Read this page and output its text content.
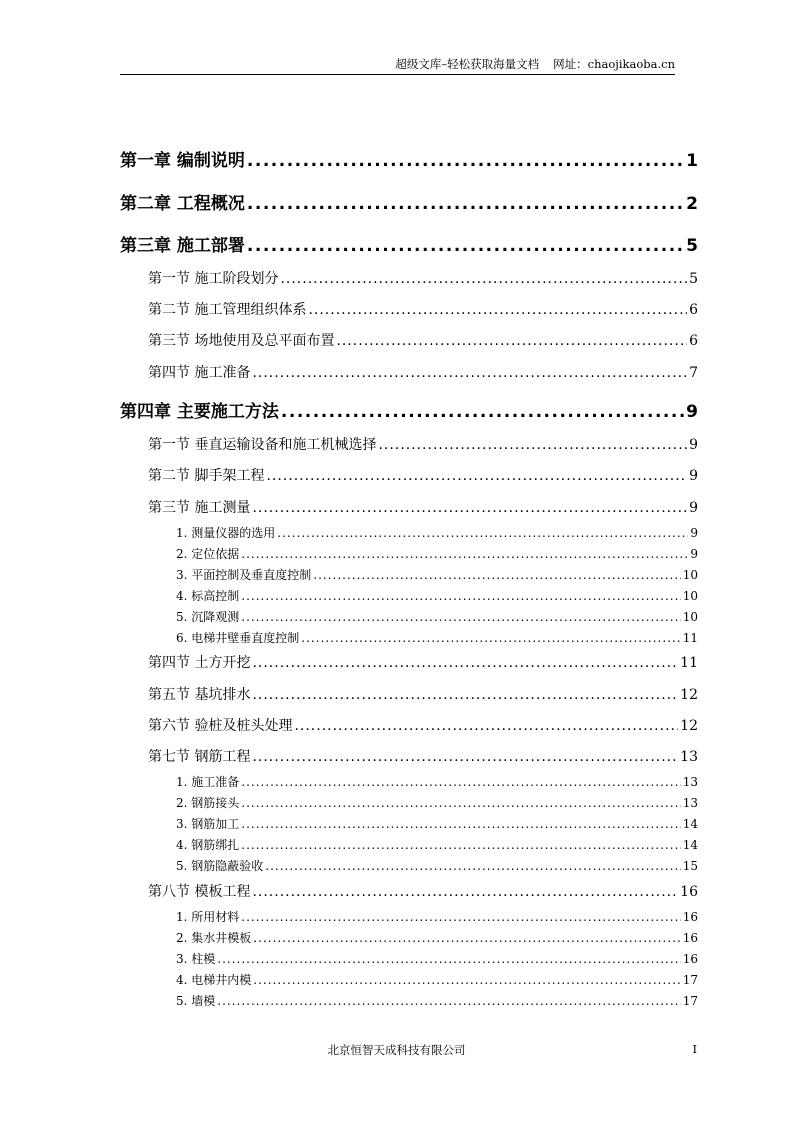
超级文库–轻松获取海量文档 网址：chaojikaoba.cn
第一章 编制说明 .....	1
第二章 工程概况 .....	2
第三章 施工部署 .....	5
第一节 施工阶段划分 .....	5
第二节 施工管理组织体系 .....	6
第三节 场地使用及总平面布置 .....	6
第四节 施工准备 .....	7
第四章 主要施工方法 .....	9
第一节 垂直运输设备和施工机械选择 .....	9
第二节 脚手架工程 .....	9
第三节 施工测量 .....	9
1. 测量仪器的选用 .....	9
2. 定位依据 .....	9
3. 平面控制及垂直度控制 .....	10
4. 标高控制 .....	10
5. 沉降观测 .....	10
6. 电梯井壁垂直度控制 .....	11
第四节 土方开挖 .....	11
第五节 基坑排水 .....	12
第六节 验桩及桩头处理 .....	12
第七节 钢筋工程 .....	13
1. 施工准备 .....	13
2. 钢筋接头 .....	13
3. 钢筋加工 .....	14
4. 钢筋绑扎 .....	14
5. 钢筋隐蔽验收 .....	15
第八节 模板工程 .....	16
1. 所用材料 .....	16
2. 集水井模板 .....	16
3. 柱模 .....	16
4. 电梯井内模 .....	17
5. 墙模 .....	17
北京恒智天成科技有限公司	I
